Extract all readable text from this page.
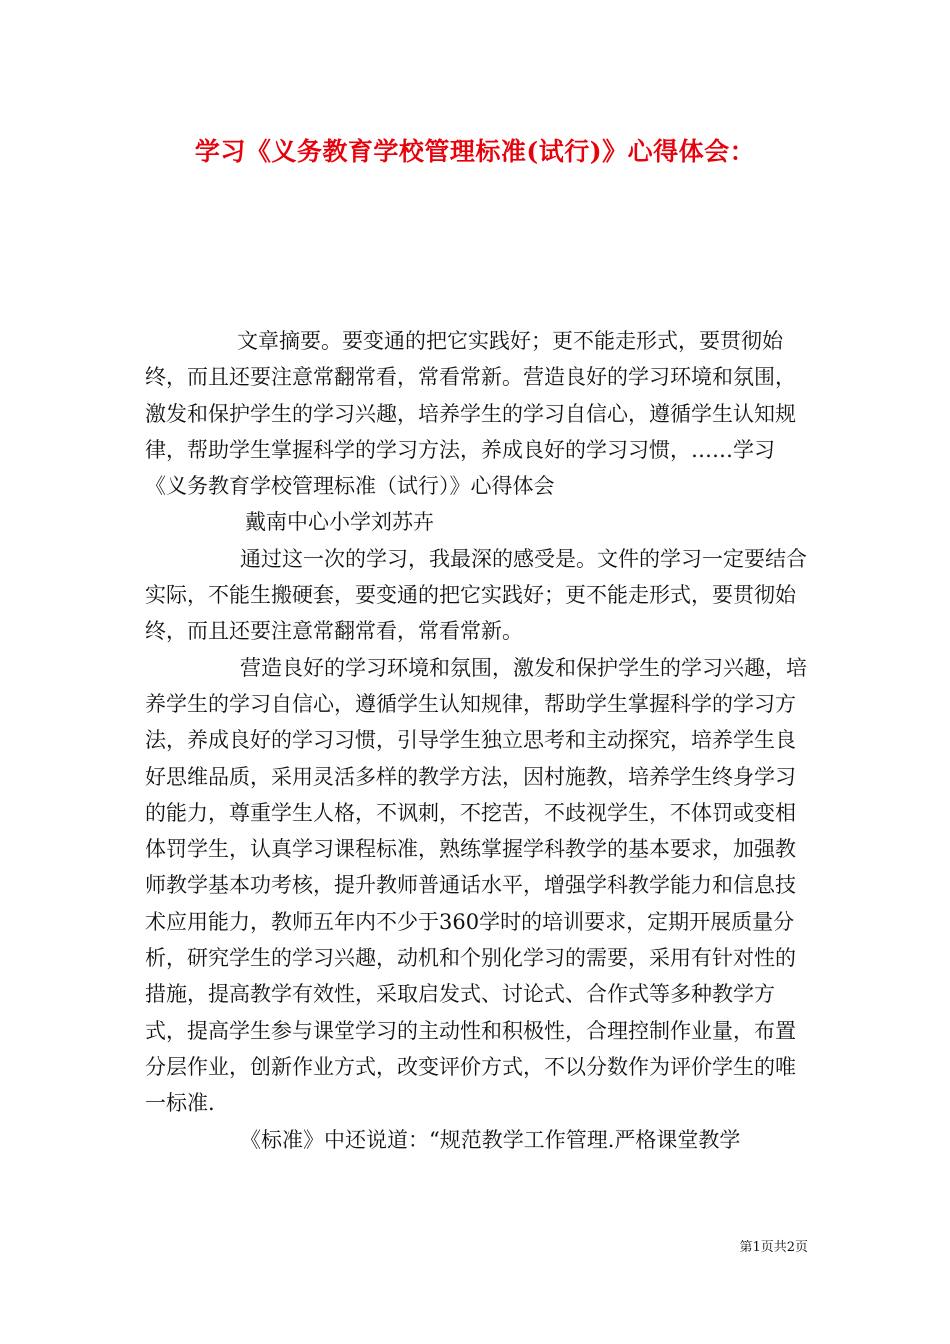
学习《义务教育学校管理标准(试行)》心得体会：

文章摘要。要变通的把它实践好；更不能走形式，要贯彻始终，而且还要注意常翻常看，常看常新。营造良好的学习环境和氛围，激发和保护学生的学习兴趣，培养学生的学习自信心，遵循学生认知规律，帮助学生掌握科学的学习方法，养成良好的学习习惯，……学习《义务教育学校管理标准（试行）》心得体会

戴南中心小学刘苏卉

通过这一次的学习，我最深的感受是。文件的学习一定要结合实际，不能生搬硬套，要变通的把它实践好；更不能走形式，要贯彻始终，而且还要注意常翻常看，常看常新。

营造良好的学习环境和氛围，激发和保护学生的学习兴趣，培养学生的学习自信心，遵循学生认知规律，帮助学生掌握科学的学习方法，养成良好的学习习惯，引导学生独立思考和主动探究，培养学生良好思维品质，采用灵活多样的教学方法，因村施教，培养学生终身学习的能力，尊重学生人格，不讽刺，不挖苦，不歧视学生，不体罚或变相体罚学生，认真学习课程标准，熟练掌握学科教学的基本要求，加强教师教学基本功考核，提升教师普通话水平，增强学科教学能力和信息技术应用能力，教师五年内不少于360学时的培训要求，定期开展质量分析，研究学生的学习兴趣，动机和个别化学习的需要，采用有针对性的措施，提高教学有效性，采取启发式、讨论式、合作式等多种教学方式，提高学生参与课堂学习的主动性和积极性，合理控制作业量，布置分层作业，创新作业方式，改变评价方式，不以分数作为评价学生的唯一标准.

《标准》中还说道：“规范教学工作管理.严格课堂教学

第1页共2页
